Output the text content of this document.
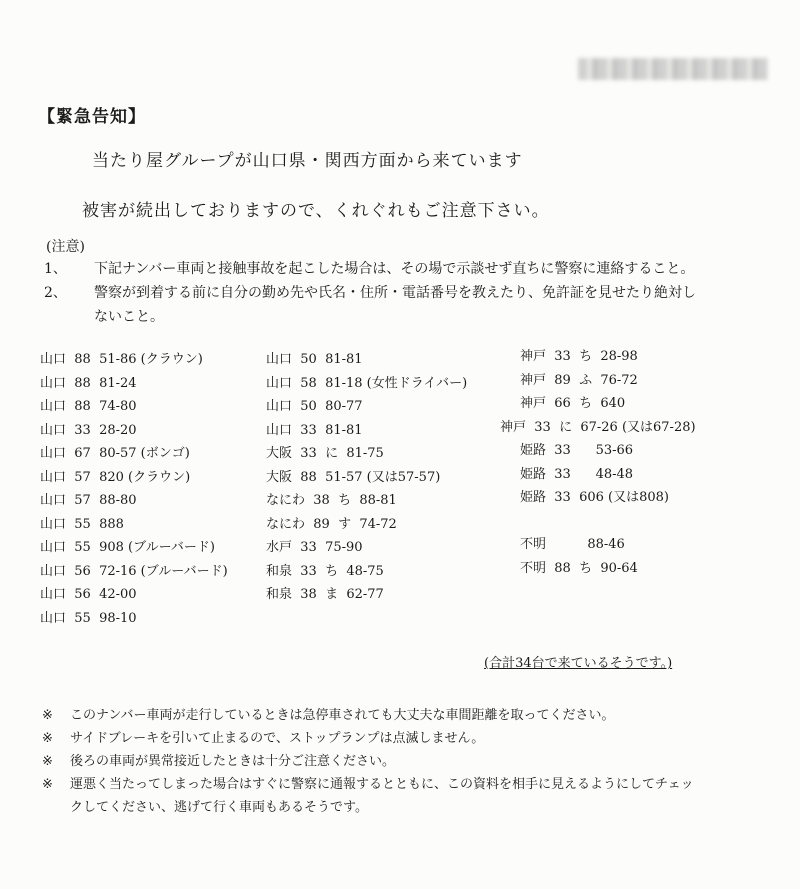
【緊急告知】
当たり屋グループが山口県・関西方面から来ています
被害が続出しておりますので、くれぐれもご注意下さい。
(注意)
1、 下記ナンバー車両と接触事故を起こした場合は、その場で示談せず直ちに警察に連絡すること。
2、 警察が到着する前に自分の勤め先や氏名・住所・電話番号を教えたり、免許証を見せたり絶対し
ないこと。
山口  88  51-86 (クラウン)
山口  88  81-24
山口  88  74-80
山口  33  28-20
山口  67  80-57 (ボンゴ)
山口  57  820 (クラウン)
山口  57  88-80
山口  55  888
山口  55  908 (ブルーバード)
山口  56  72-16 (ブルーバード)
山口  56  42-00
山口  55  98-10
山口  50  81-81
山口  58  81-18 (女性ドライバー)
山口  50  80-77
山口  33  81-81
大阪  33  に  81-75
大阪  88  51-57 (又は57-57)
なにわ  38  ち  88-81
なにわ  89  す  74-72
水戸  33  75-90
和泉  33  ち  48-75
和泉  38  ま  62-77
神戸  33  ち  28-98
神戸  89  ふ  76-72
神戸  66  ち  640
神戸  33  に  67-26 (又は67-28)
姫路  33      53-66
姫路  33      48-48
姫路  33  606 (又は808)
不明          88-46
不明  88  ち  90-64
(合計34台で来ているそうです。)
※ このナンバー車両が走行しているときは急停車されても大丈夫な車間距離を取ってください。
※ サイドブレーキを引いて止まるので、ストップランプは点滅しません。
※ 後ろの車両が異常接近したときは十分ご注意ください。
※ 運悪く当たってしまった場合はすぐに警察に通報するとともに、この資料を相手に見えるようにしてチェッ
クしてください、逃げて行く車両もあるそうです。
